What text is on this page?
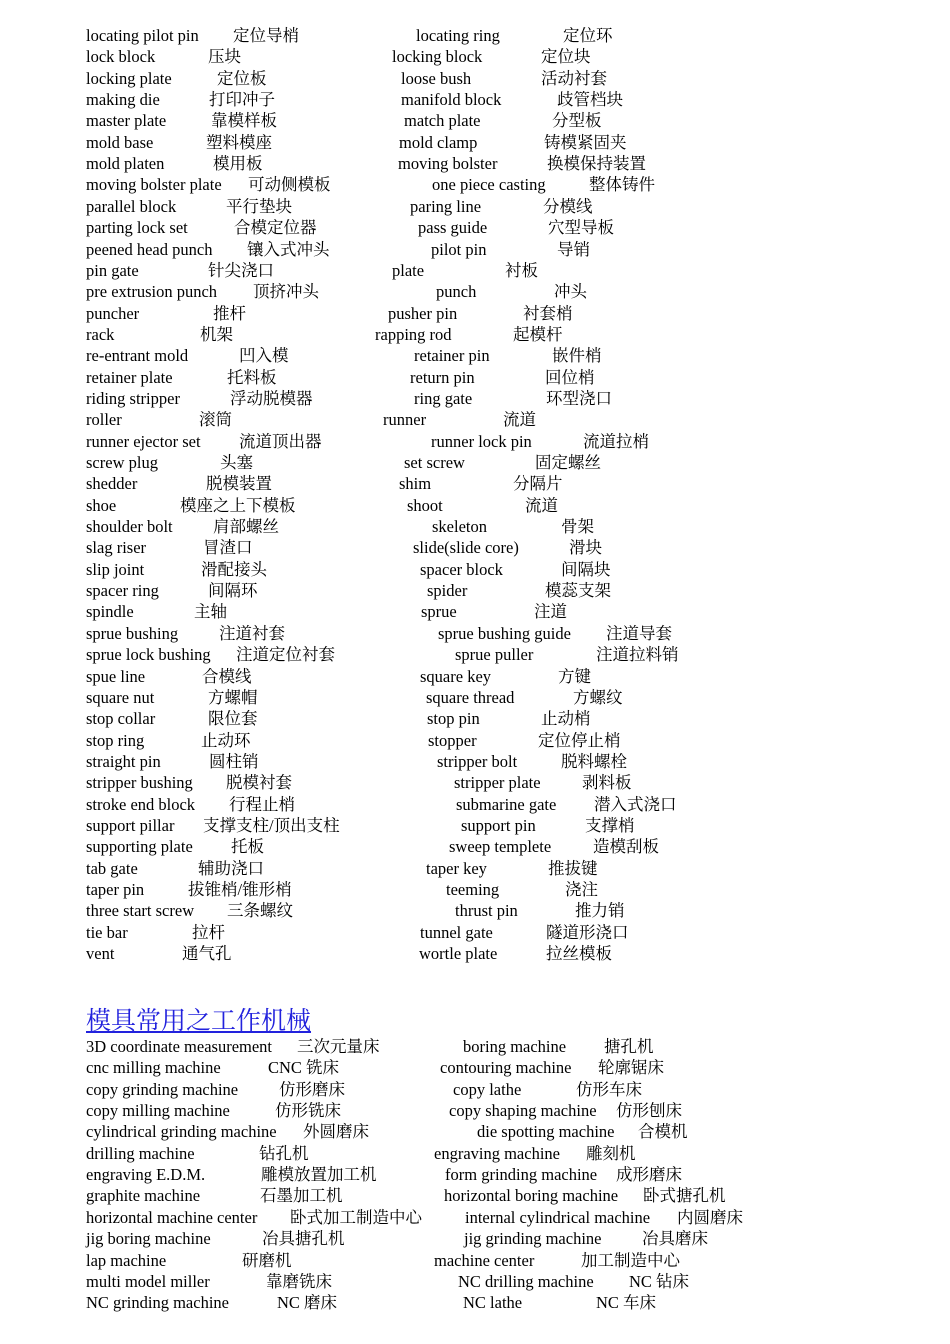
locating pilot pin 定位导梢	locating ring	定位环
lock block	压块	locking block	定位块
locking plate	定位板	loose bush	活动衬套
making die	打印冲子	manifold block	歧管档块
master plate	靠模样板	match plate	分型板
mold base	塑料模座	mold clamp	铸模紧固夹
mold platen	模用板	moving bolster	换模保持装置
moving bolster plate 可动侧模板	one piece casting	整体铸件
parallel block	平行垫块	paring line	分模线
parting lock set	合模定位器	pass guide	穴型导板
peened head punch 镶入式冲头	pilot pin	导销
pin gate	针尖浇口	plate	衬板
pre extrusion punch 顶挤冲头	punch	冲头
puncher	推杆	pusher pin	衬套梢
rack	机架	rapping rod	起模杆
re-entrant mold	凹入模	retainer pin	嵌件梢
retainer plate	托料板	return pin	回位梢
riding stripper	浮动脱模器	ring gate	环型浇口
roller	滚筒	runner	流道
runner ejector set 流道顶出器	runner lock pin	流道拉梢
screw plug	头塞	set screw	固定螺丝
shedder	脱模装置	shim	分隔片
shoe	模座之上下模板	shoot	流道
shoulder bolt 肩部螺丝	skeleton	骨架
slag riser	冒渣口	slide(slide core)	滑块
slip joint	滑配接头	spacer block	间隔块
spacer ring	间隔环	spider	模蕊支架
spindle	主轴	sprue	注道
sprue bushing 注道衬套	sprue bushing guide 注道导套
sprue lock bushing 注道定位衬套	sprue puller	注道拉料销
spue line	合模线	square key	方键
square nut	方螺帽	square thread	方螺纹
stop collar	限位套	stop pin	止动梢
stop ring	止动环	stopper	定位停止梢
straight pin	圆柱销	stripper bolt	脱料螺栓
stripper bushing 脱模衬套	stripper plate	剥料板
stroke end block 行程止梢	submarine gate 潜入式浇口
support pillar 支撑支柱/顶出支柱	support pin	支撑梢
supporting plate 托板	sweep templete	造模刮板
tab gate	辅助浇口	taper key	推拔键
taper pin	拔锥梢/锥形梢	teeming	浇注
three start screw 三条螺纹	thrust pin	推力销
tie bar	拉杆	tunnel gate	隧道形浇口
vent	通气孔	wortle plate	拉丝模板
模具常用之工作机械
3D coordinate measurement 三次元量床	boring machine 搪孔机
cnc milling machine	CNC 铣床	contouring machine 轮廓锯床
copy grinding machine 仿形磨床	copy lathe	仿形车床
copy milling machine	仿形铣床	copy shaping machine 仿形刨床
cylindrical grinding machine 外圆磨床	die spotting machine 合模机
drilling machine	钻孔机	engraving machine 雕刻机
engraving E.D.M.	雕模放置加工机	form grinding machine 成形磨床
graphite machine	石墨加工机	horizontal boring machine 卧式搪孔机
horizontal machine center 卧式加工制造中心	internal cylindrical machine 内圆磨床
jig boring machine	冶具搪孔机	jig grinding machine 冶具磨床
lap machine	研磨机	machine center	加工制造中心
multi model miller	靠磨铣床	NC drilling machine NC 钻床
NC grinding machine	NC 磨床	NC lathe	NC 车床
